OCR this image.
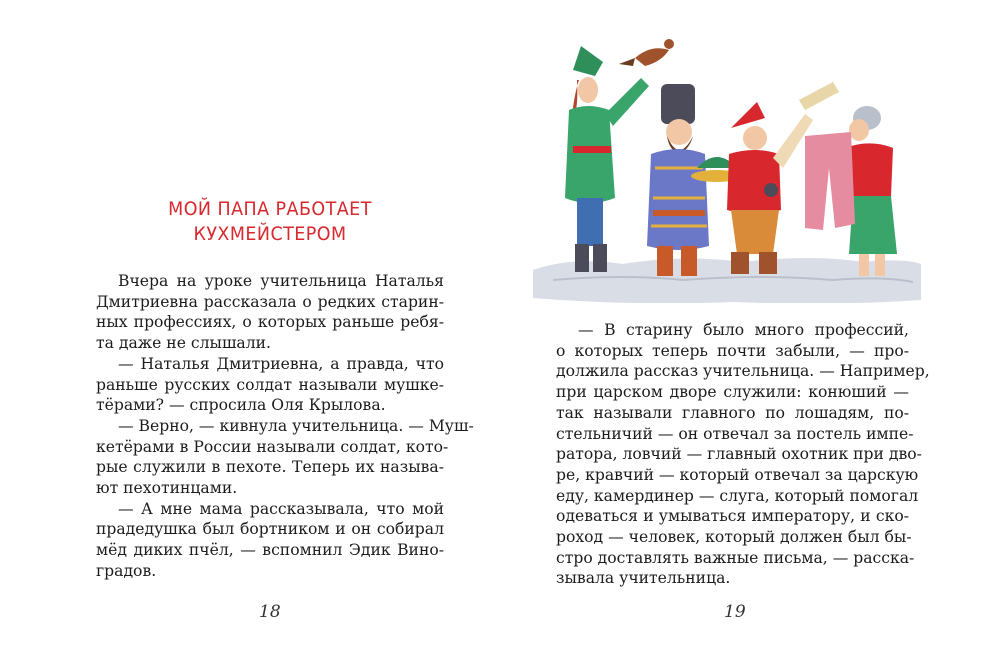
МОЙ ПАПА РАБОТАЕТ
КУХМЕЙСТЕРОМ
Вчера на уроке учительница Наталья
Дмитриевна рассказала о редких старин-
ных профессиях, о которых раньше ребя-
та даже не слышали.
— Наталья Дмитриевна, а правда, что
раньше русских солдат называли мушке-
тёрами? — спросила Оля Крылова.
— Верно, — кивнула учительница. — Муш-
кетёрами в России называли солдат, кото-
рые служили в пехоте. Теперь их называ-
ют пехотинцами.
— А мне мама рассказывала, что мой
прадедушка был бортником и он собирал
мёд диких пчёл, — вспомнил Эдик Вино-
градов.
18
— В старину было много профессий,
о которых теперь почти забыли, — про-
должила рассказ учительница. — Например,
при царском дворе служили: конюший —
так называли главного по лошадям, по-
стельничий — он отвечал за постель импе-
ратора, ловчий — главный охотник при дво-
ре, кравчий — который отвечал за царскую
еду, камердинер — слуга, который помогал
одеваться и умываться императору, и ско-
роход — человек, который должен был бы-
стро доставлять важные письма, — расска-
зывала учительница.
19
